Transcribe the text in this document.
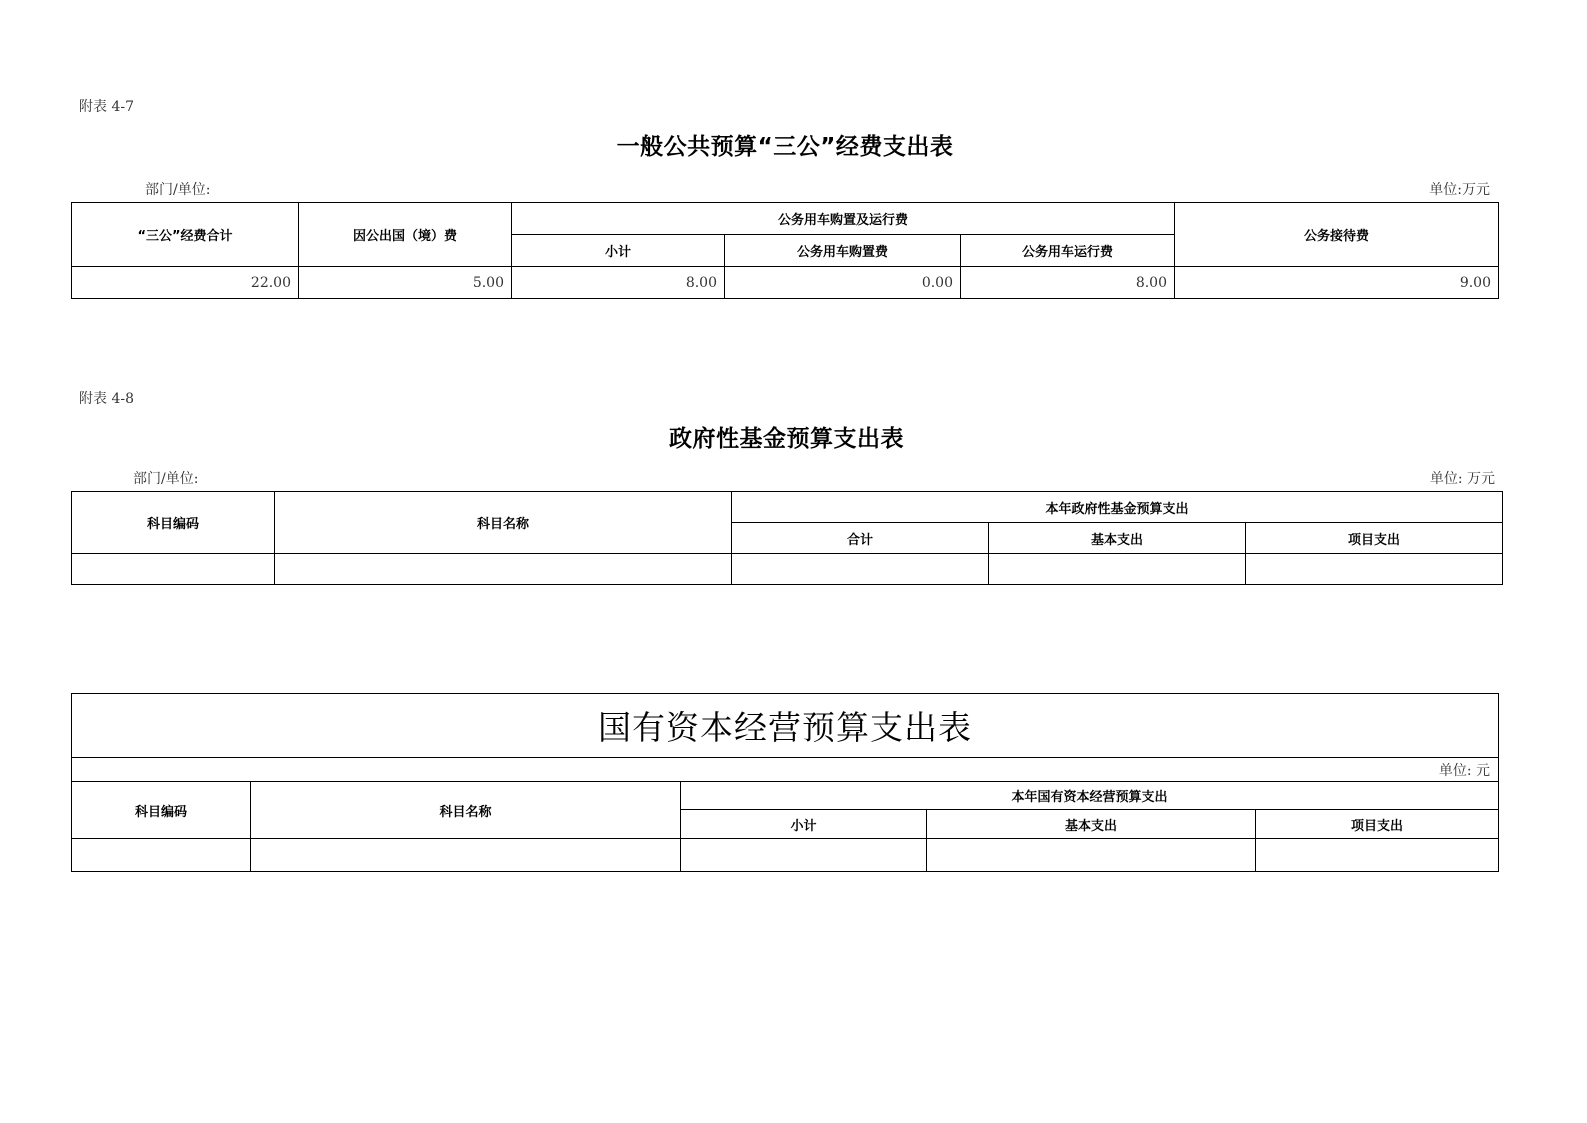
附表 4-7
一般公共预算“三公”经费支出表
部门/单位:	单位:万元
“三公”经费合计	因公出国（境）费	公务用车购置及运行费			公务接待费
		小计	公务用车购置费	公务用车运行费	
22.00	5.00	8.00	0.00	8.00	9.00
附表 4-8
政府性基金预算支出表
部门/单位:	单位: 万元
科目编码	科目名称	本年政府性基金预算支出		
		合计	基本支出	项目支出

国有资本经营预算支出表				
单位: 元				
科目编码	科目名称	本年国有资本经营预算支出		
		小计	基本支出	项目支出
